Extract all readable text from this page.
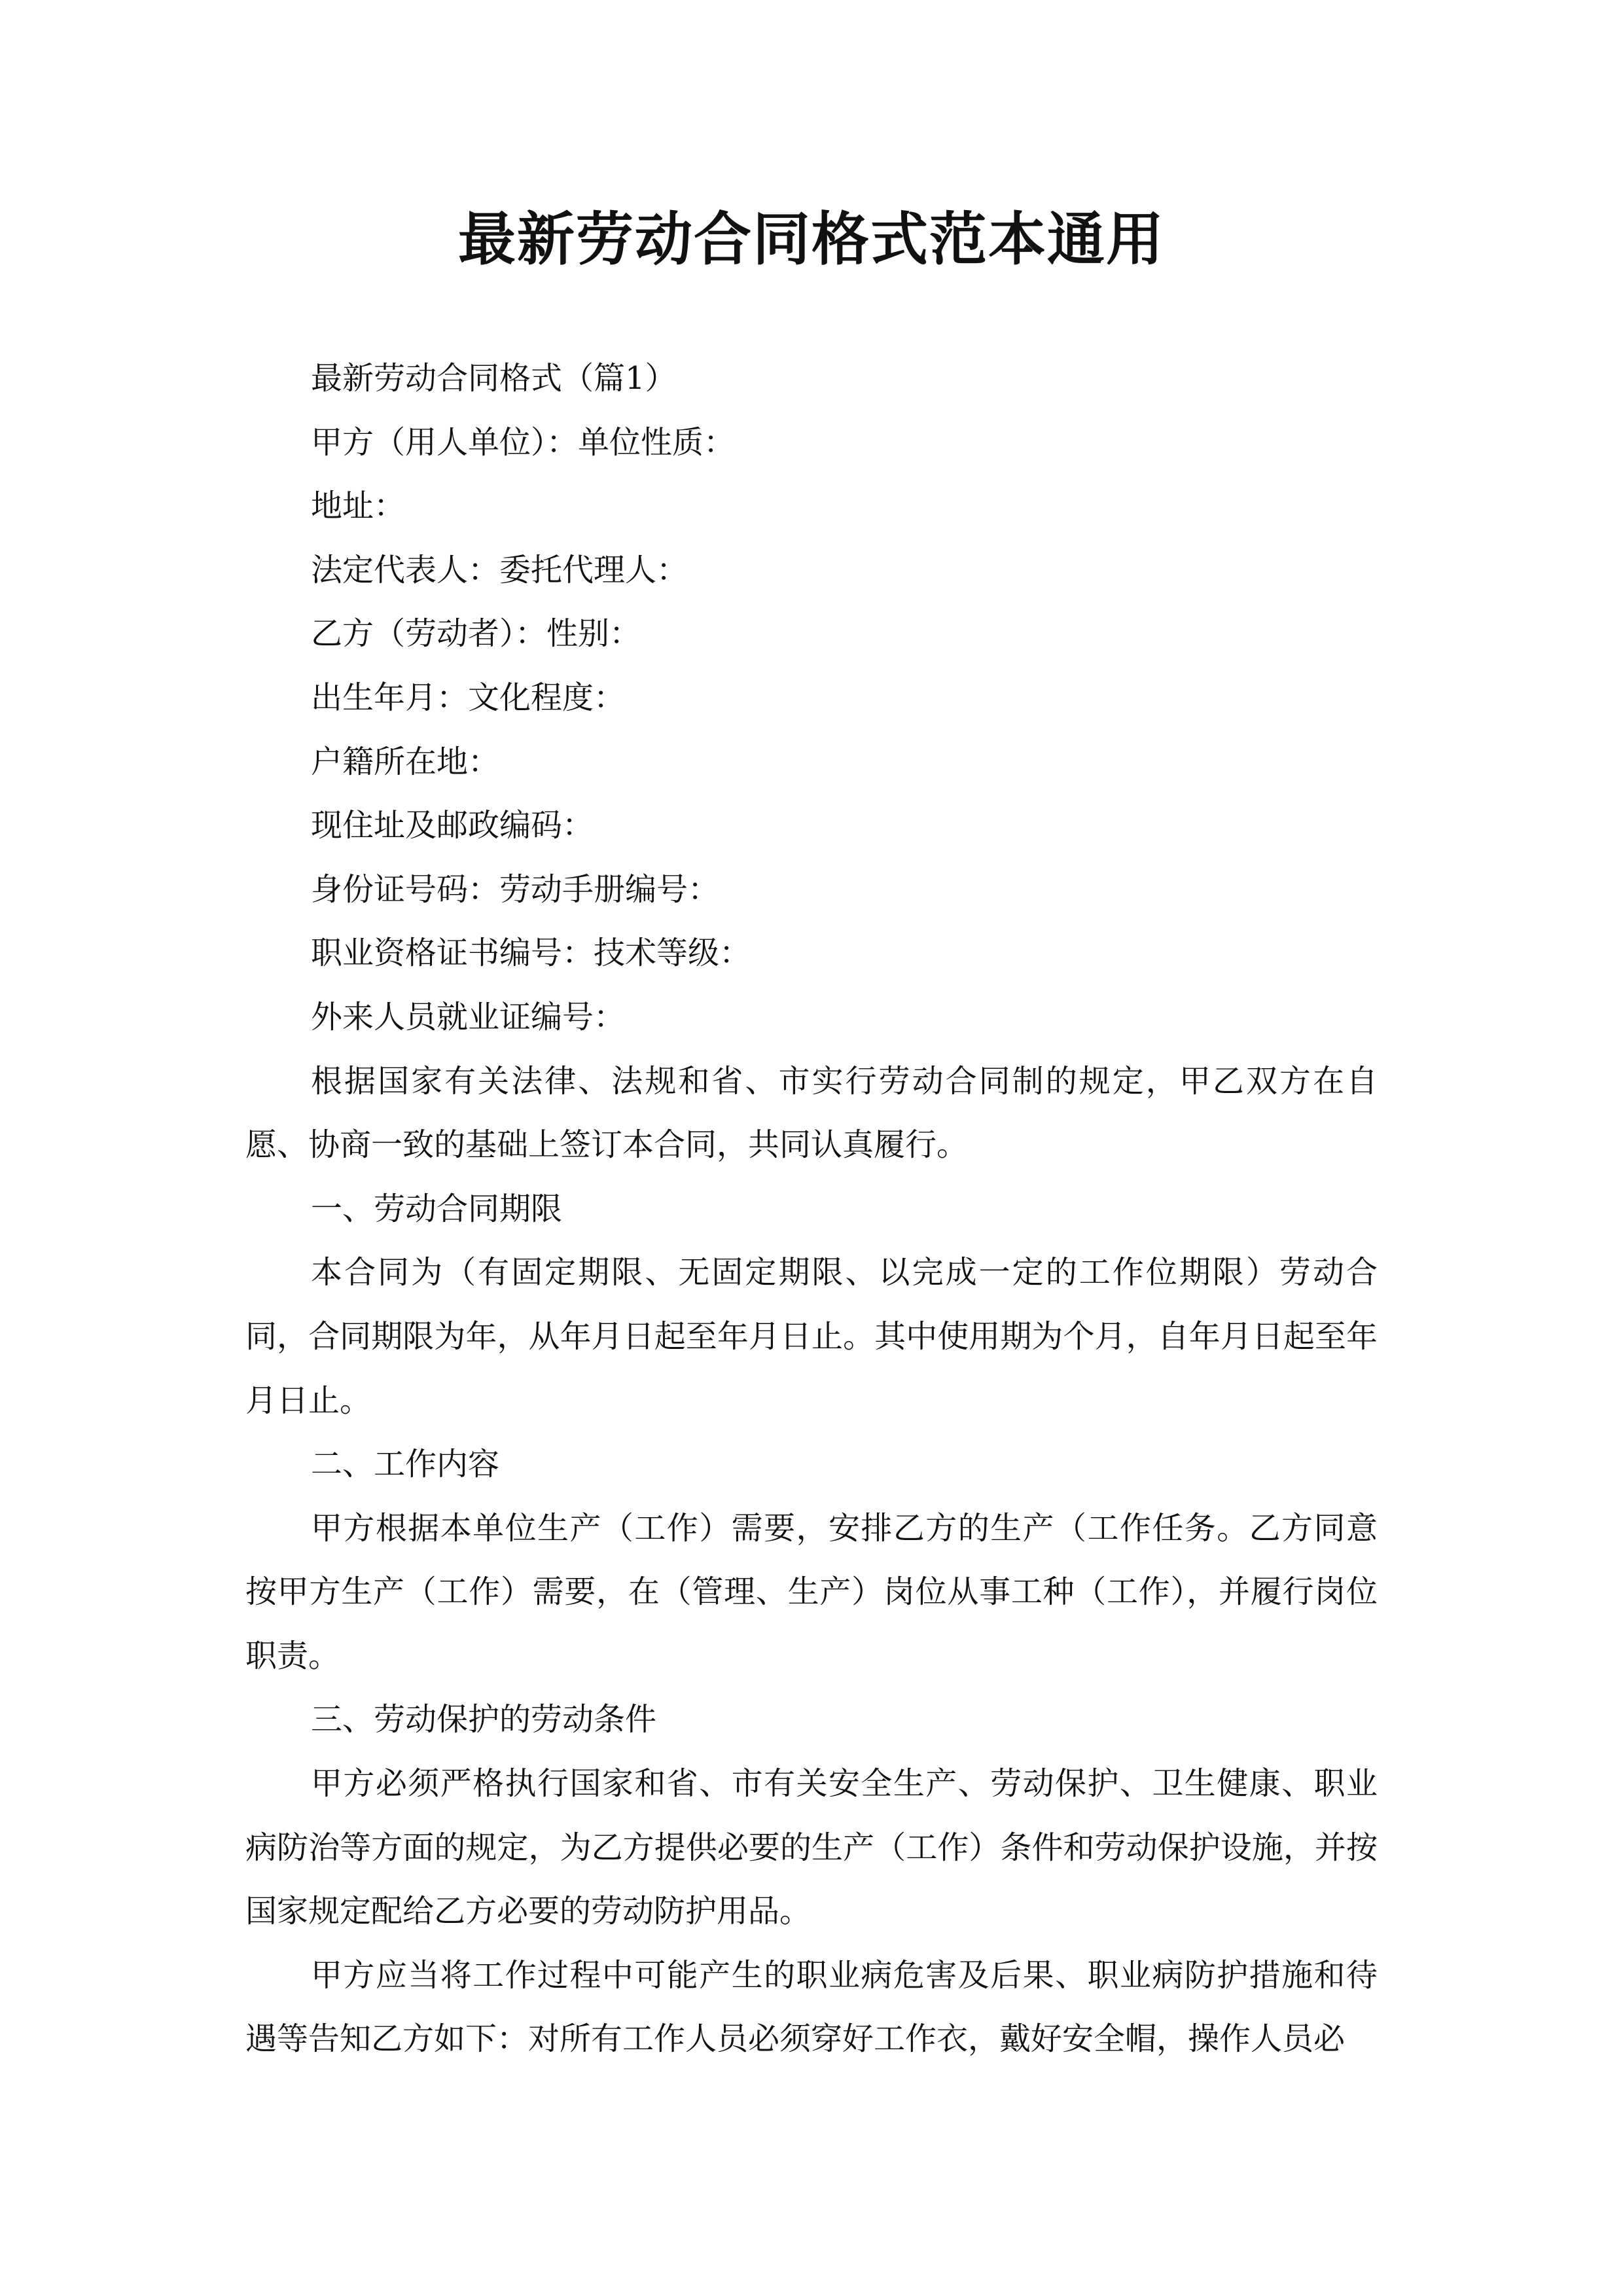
最新劳动合同格式范本通用

最新劳动合同格式（篇1）

甲方（用人单位）：单位性质：

地址：

法定代表人：委托代理人：

乙方（劳动者）：性别：

出生年月：文化程度：

户籍所在地：

现住址及邮政编码：

身份证号码：劳动手册编号：

职业资格证书编号：技术等级：

外来人员就业证编号：

根据国家有关法律、法规和省、市实行劳动合同制的规定，甲乙双方在自愿、协商一致的基础上签订本合同，共同认真履行。

一、劳动合同期限

本合同为（有固定期限、无固定期限、以完成一定的工作位期限）劳动合同，合同期限为年，从年月日起至年月日止。其中使用期为个月，自年月日起至年月日止。

二、工作内容

甲方根据本单位生产（工作）需要，安排乙方的生产（工作任务。乙方同意按甲方生产（工作）需要，在（管理、生产）岗位从事工种（工作），并履行岗位职责。

三、劳动保护的劳动条件

甲方必须严格执行国家和省、市有关安全生产、劳动保护、卫生健康、职业病防治等方面的规定，为乙方提供必要的生产（工作）条件和劳动保护设施，并按国家规定配给乙方必要的劳动防护用品。

甲方应当将工作过程中可能产生的职业病危害及后果、职业病防护措施和待遇等告知乙方如下：对所有工作人员必须穿好工作衣，戴好安全帽，操作人员必
